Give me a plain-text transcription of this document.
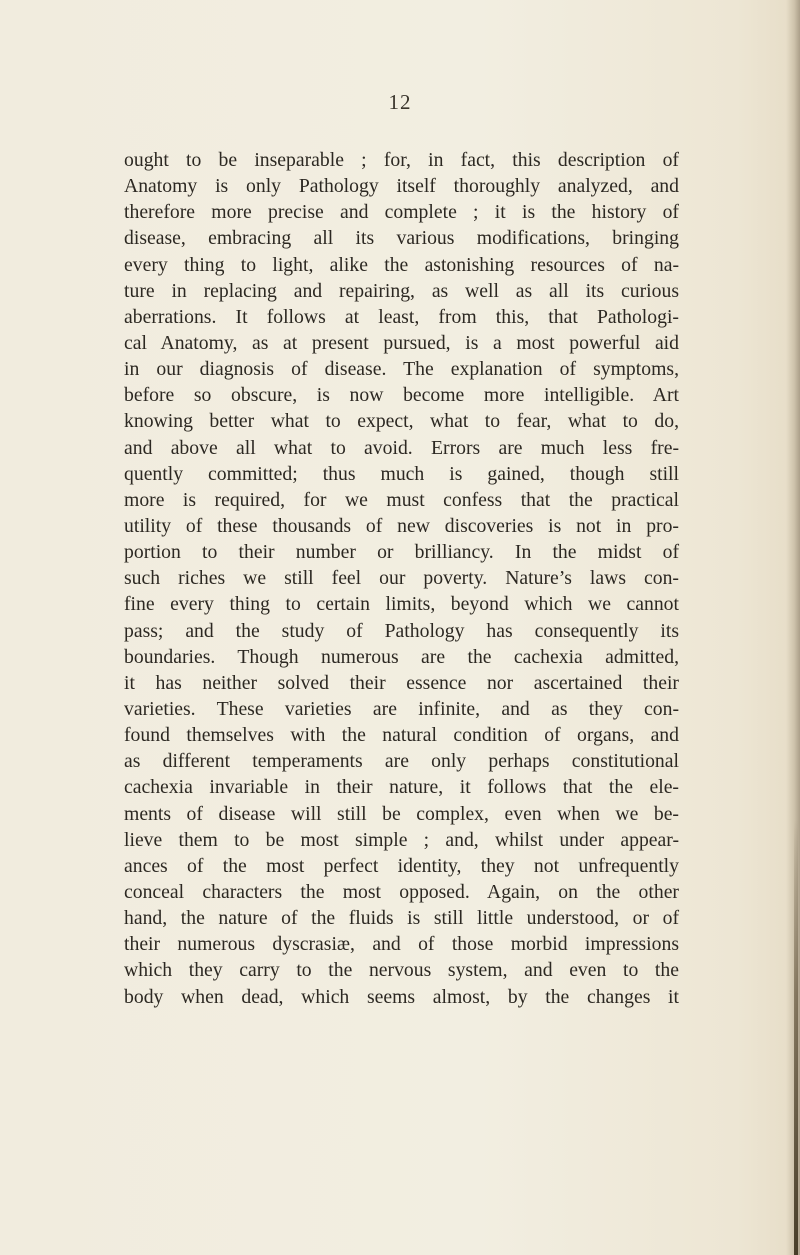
12
ought to be inseparable ; for, in fact, this description of
Anatomy is only Pathology itself thoroughly analyzed, and
therefore more precise and complete ; it is the history of
disease, embracing all its various modifications, bringing
every thing to light, alike the astonishing resources of na-
ture in replacing and repairing, as well as all its curious
aberrations. It follows at least, from this, that Pathologi-
cal Anatomy, as at present pursued, is a most powerful aid
in our diagnosis of disease. The explanation of symptoms,
before so obscure, is now become more intelligible. Art
knowing better what to expect, what to fear, what to do,
and above all what to avoid. Errors are much less fre-
quently committed; thus much is gained, though still
more is required, for we must confess that the practical
utility of these thousands of new discoveries is not in pro-
portion to their number or brilliancy. In the midst of
such riches we still feel our poverty. Nature’s laws con-
fine every thing to certain limits, beyond which we cannot
pass; and the study of Pathology has consequently its
boundaries. Though numerous are the cachexia admitted,
it has neither solved their essence nor ascertained their
varieties. These varieties are infinite, and as they con-
found themselves with the natural condition of organs, and
as different temperaments are only perhaps constitutional
cachexia invariable in their nature, it follows that the ele-
ments of disease will still be complex, even when we be-
lieve them to be most simple ; and, whilst under appear-
ances of the most perfect identity, they not unfrequently
conceal characters the most opposed. Again, on the other
hand, the nature of the fluids is still little understood, or of
their numerous dyscrasiæ, and of those morbid impressions
which they carry to the nervous system, and even to the
body when dead, which seems almost, by the changes it
